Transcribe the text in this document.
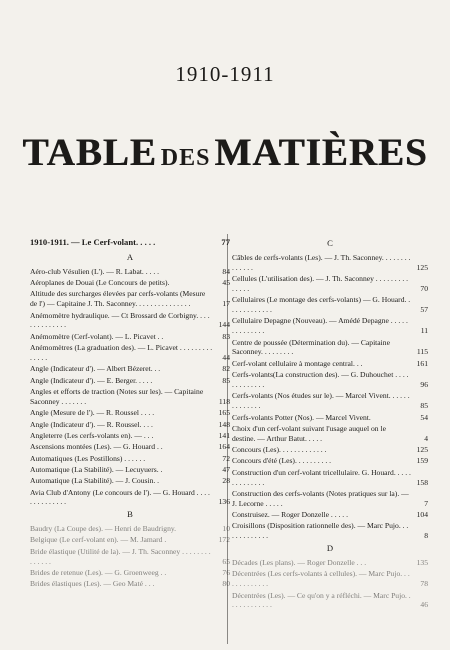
1910-1911
TABLE DES MATIÈRES
1910-1911. — Le Cerf-volant. . . . .	77
A
Aéro-club Vésulien (L'). — R. Labat. . . . .	84
Aéroplanes de Douai (Le Concours de petits).	45
Altitude des surcharges élevées par cerfs-volants (Mesure de l') — Capitaine J. Th. Saconney. . . . . . . . . . . . . . .	17
Anémomètre hydraulique. — Ct Brossard de Corbigny. . . . . . . . . . . . . .	144
Anémomètre (Cerf-volant). — L. Picavet . .	83
Anémomètres (La graduation des). — L. Picavet . . . . . . . . . . . . . .	44
Angle (Indicateur d'). — Albert Bézeret. . .	82
Angle (Indicateur d'). — E. Berger. . . . .	85
Angles et efforts de traction (Notes sur les). — Capitaine Saconney . . . . . . .	118
Angle (Mesure de l'). — R. Roussel . . . .	165
Angle (Indicateur d'). — R. Roussel. . . .	148
Angleterre (Les cerfs-volants en). — . . .	141
Ascensions montées (Les). — G. Houard . .	164
Automatiques (Les Postillons) . . . . . .	72
Automatique (La Stabilité). — Lecuyuers. .	47
Automatique (La Stabilité). — J. Cousin. .	28
Avia Club d'Antony (Le concours de l'). — G. Houard . . . . . . . . . . . . . .	136
B
Baudry (La Coupe des). — Henri de Baudrigny.	10
Belgique (Le cerf-volant en). — M. Jamard .	172
Bride élastique (Utilité de la). — J. Th. Saconney . . . . . . . . . . . . . .	65
Brides de retenue (Les). — G. Groenweeg . .	76
Brides élastiques (Les). — Geo Maté . . .	80
C
Câbles de cerfs-volants (Les). — J. Th. Saconney. . . . . . . . . . . . . .	125
Cellules (L'utilisation des). — J. Th. Saconney . . . . . . . . . . . . . .	70
Cellulaires (Le montage des cerfs-volants) — G. Houard. . . . . . . . . . . . .	57
Cellulaire Depagne (Nouveau). — Amédé Depagne . . . . . . . . . . . . . .	11
Centre de poussée (Détermination du). — Capitaine Saconney. . . . . . . . .	115
Cerf-volant cellulaire à montage central. . .	161
Cerfs-volants(La construction des). — G. Duhouchet . . . . . . . . . . . . .	96
Cerfs-volants (Nos études sur le). — Marcel Vivent. . . . . . . . . . . . . .	85
Cerfs-volants Potter (Nos). — Marcel Vivent.	54
Choix d'un cerf-volant suivant l'usage auquel on le destine. — Arthur Batut. . . . .	4
Concours (Les). . . . . . . . . . . . .	125
Concours d'été (Les). . . . . . . . . .	159
Construction d'un cerf-volant tricellulaire. G. Houard. . . . . . . . . . . . . .	158
Construction des cerfs-volants (Notes pratiques sur la). — J. Lecorne . . . . .	7
Construisez. — Roger Donzelle . . . . .	104
Croisillons (Disposition rationnelle des). — Marc Pujo. . . . . . . . . . . . .	8
D
Décades (Les plans). — Roger Donzelle . . .	135
Décentrées (Les cerfs-volants à cellules). — Marc Pujo. . . . . . . . . . . . .	78
Décentrées (Les). — Ce qu'on y a réfléchi. — Marc Pujo. . . . . . . . . . . . .	46
